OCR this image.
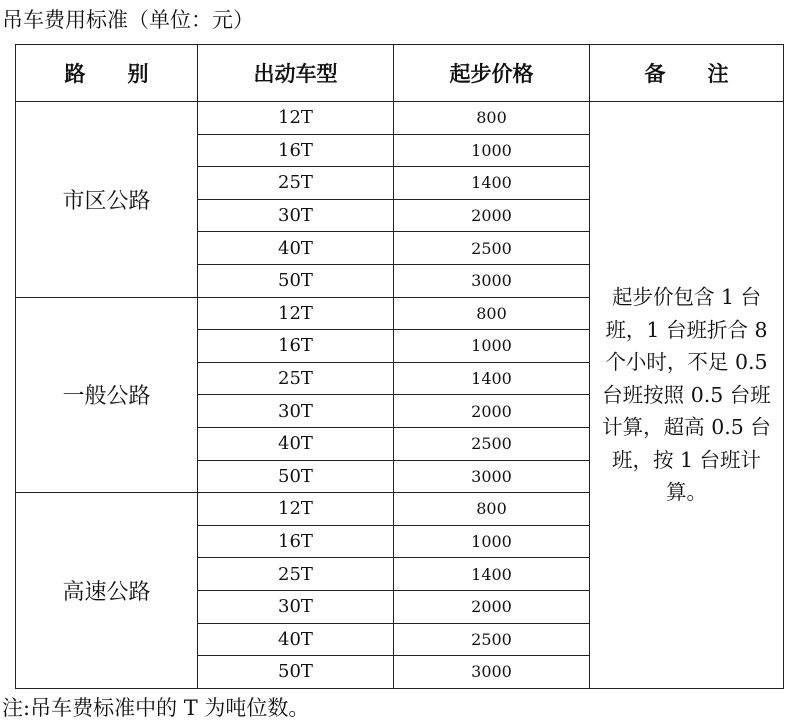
吊车费用标准（单位：元）
路　　别	出动车型	起步价格	备　　注
市区公路	12T	800	起步价包含 1 台班，1 台班折合 8 个小时，不足 0.5 台班按照 0.5 台班计算，超高 0.5 台班，按 1 台班计算。
	16T	1000	
	25T	1400	
	30T	2000	
	40T	2500	
	50T	3000	
一般公路	12T	800	
	16T	1000	
	25T	1400	
	30T	2000	
	40T	2500	
	50T	3000	
高速公路	12T	800	
	16T	1000	
	25T	1400	
	30T	2000	
	40T	2500	
	50T	3000	
注:吊车费标准中的 T 为吨位数。
